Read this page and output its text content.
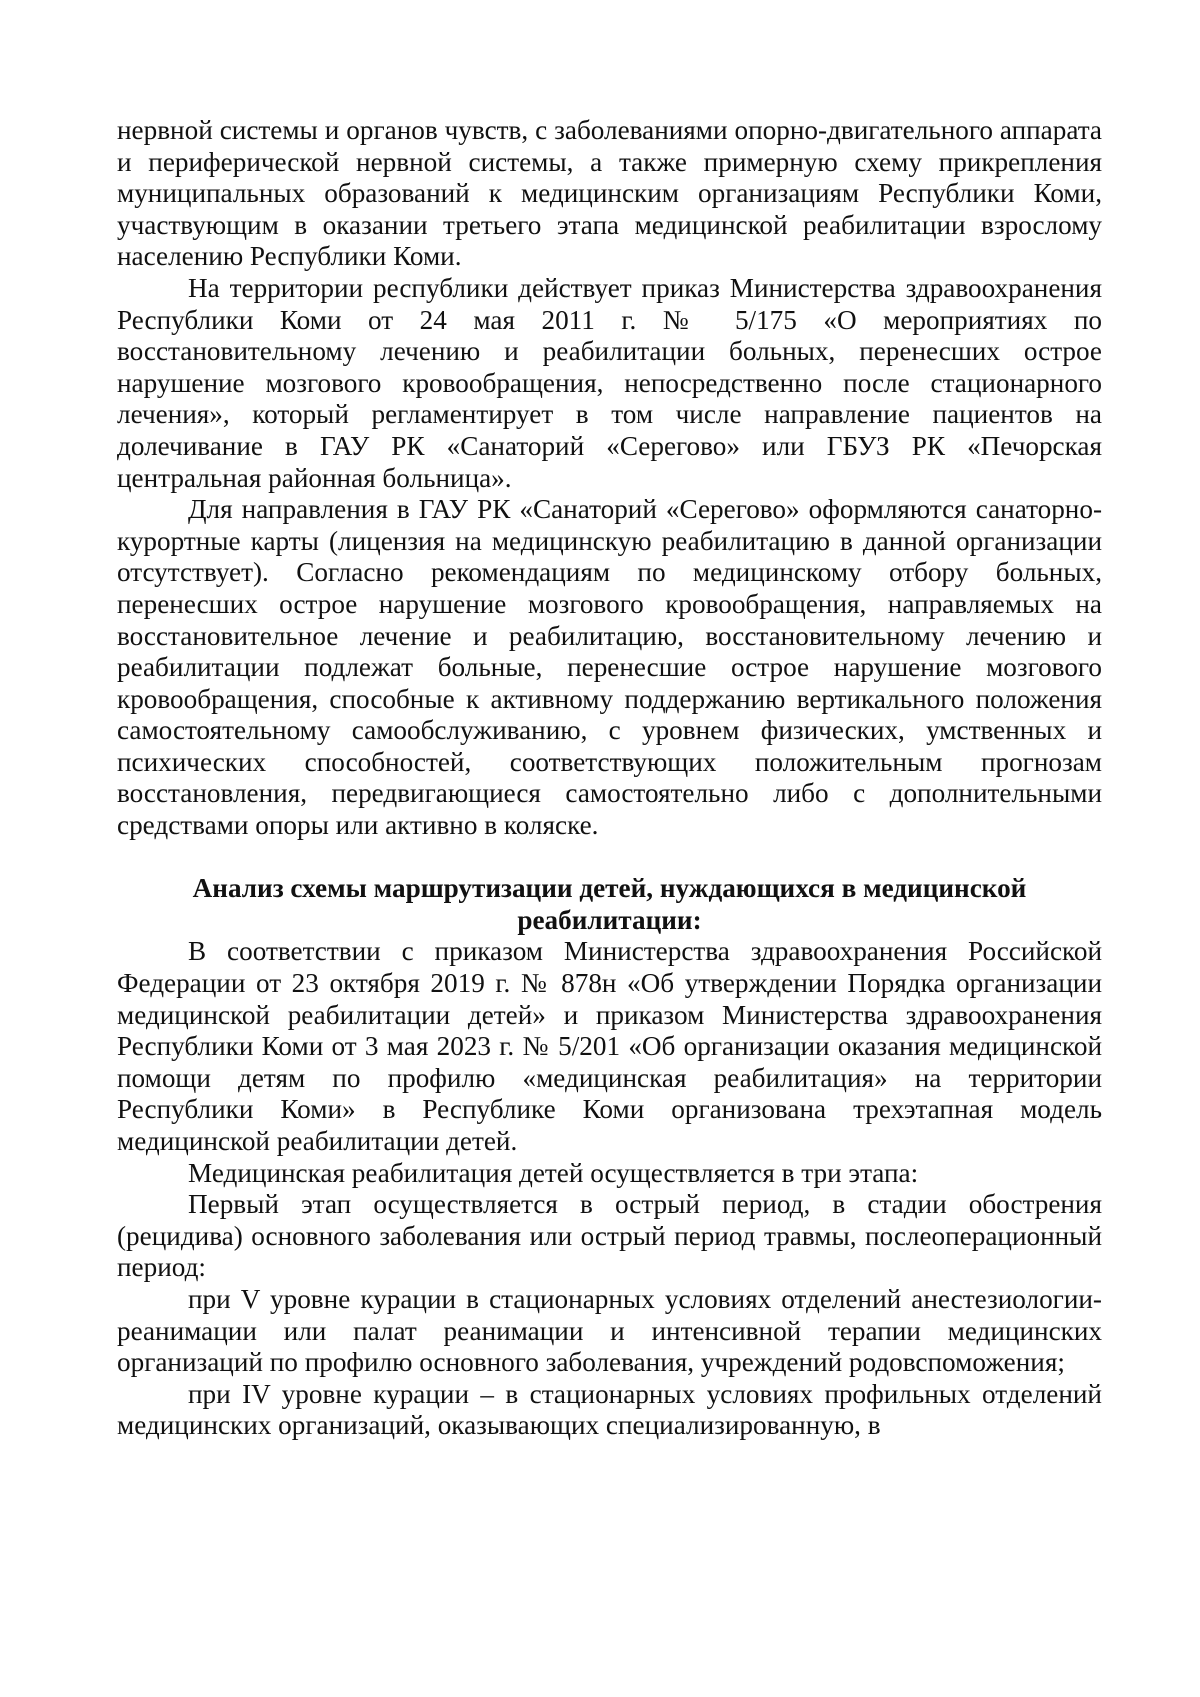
нервной системы и органов чувств, с заболеваниями опорно-двигательного аппарата и периферической нервной системы, а также примерную схему прикрепления муниципальных образований к медицинским организациям Республики Коми, участвующим в оказании третьего этапа медицинской реабилитации взрослому населению Республики Коми.

На территории республики действует приказ Министерства здравоохранения Республики Коми от 24 мая 2011 г. № 5/175 «О мероприятиях по восстановительному лечению и реабилитации больных, перенесших острое нарушение мозгового кровообращения, непосредственно после стационарного лечения», который регламентирует в том числе направление пациентов на долечивание в ГАУ РК «Санаторий «Серегово» или ГБУЗ РК «Печорская центральная районная больница».

Для направления в ГАУ РК «Санаторий «Серегово» оформляются санаторно-курортные карты (лицензия на медицинскую реабилитацию в данной организации отсутствует). Согласно рекомендациям по медицинскому отбору больных, перенесших острое нарушение мозгового кровообращения, направляемых на восстановительное лечение и реабилитацию, восстановительному лечению и реабилитации подлежат больные, перенесшие острое нарушение мозгового кровообращения, способные к активному поддержанию вертикального положения самостоятельному самообслуживанию, с уровнем физических, умственных и психических способностей, соответствующих положительным прогнозам восстановления, передвигающиеся самостоятельно либо с дополнительными средствами опоры или активно в коляске.

Анализ схемы маршрутизации детей, нуждающихся в медицинской реабилитации:

В соответствии с приказом Министерства здравоохранения Российской Федерации от 23 октября 2019 г. № 878н «Об утверждении Порядка организации медицинской реабилитации детей» и приказом Министерства здравоохранения Республики Коми от 3 мая 2023 г. № 5/201 «Об организации оказания медицинской помощи детям по профилю «медицинская реабилитация» на территории Республики Коми» в Республике Коми организована трехэтапная модель медицинской реабилитации детей.

Медицинская реабилитация детей осуществляется в три этапа:

Первый этап осуществляется в острый период, в стадии обострения (рецидива) основного заболевания или острый период травмы, послеоперационный период:

при V уровне курации в стационарных условиях отделений анестезиологии-реанимации или палат реанимации и интенсивной терапии медицинских организаций по профилю основного заболевания, учреждений родовспоможения;

при IV уровне курации – в стационарных условиях профильных отделений медицинских организаций, оказывающих специализированную, в
